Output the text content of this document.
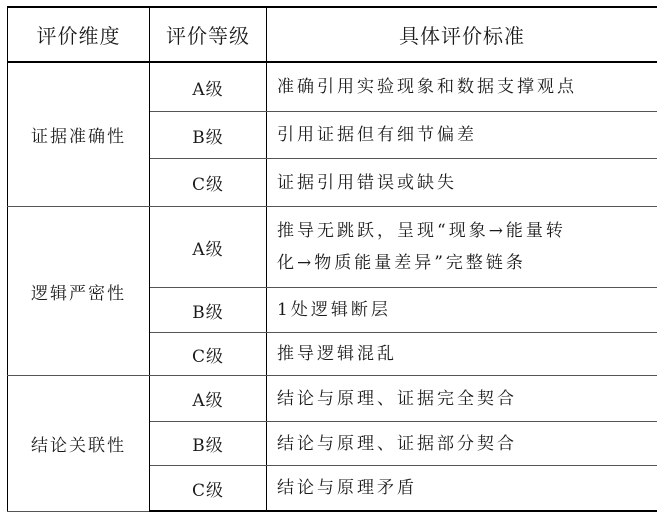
评价维度	评价等级	具体评价标准
证据准确性	A级	准确引用实验现象和数据支撑观点
	B级	引用证据但有细节偏差
	C级	证据引用错误或缺失
逻辑严密性	A级	推导无跳跃，呈现“现象→能量转
化→物质能量差异”完整链条
	B级	1处逻辑断层
	C级	推导逻辑混乱
结论关联性	A级	结论与原理、证据完全契合
	B级	结论与原理、证据部分契合
	C级	结论与原理矛盾
